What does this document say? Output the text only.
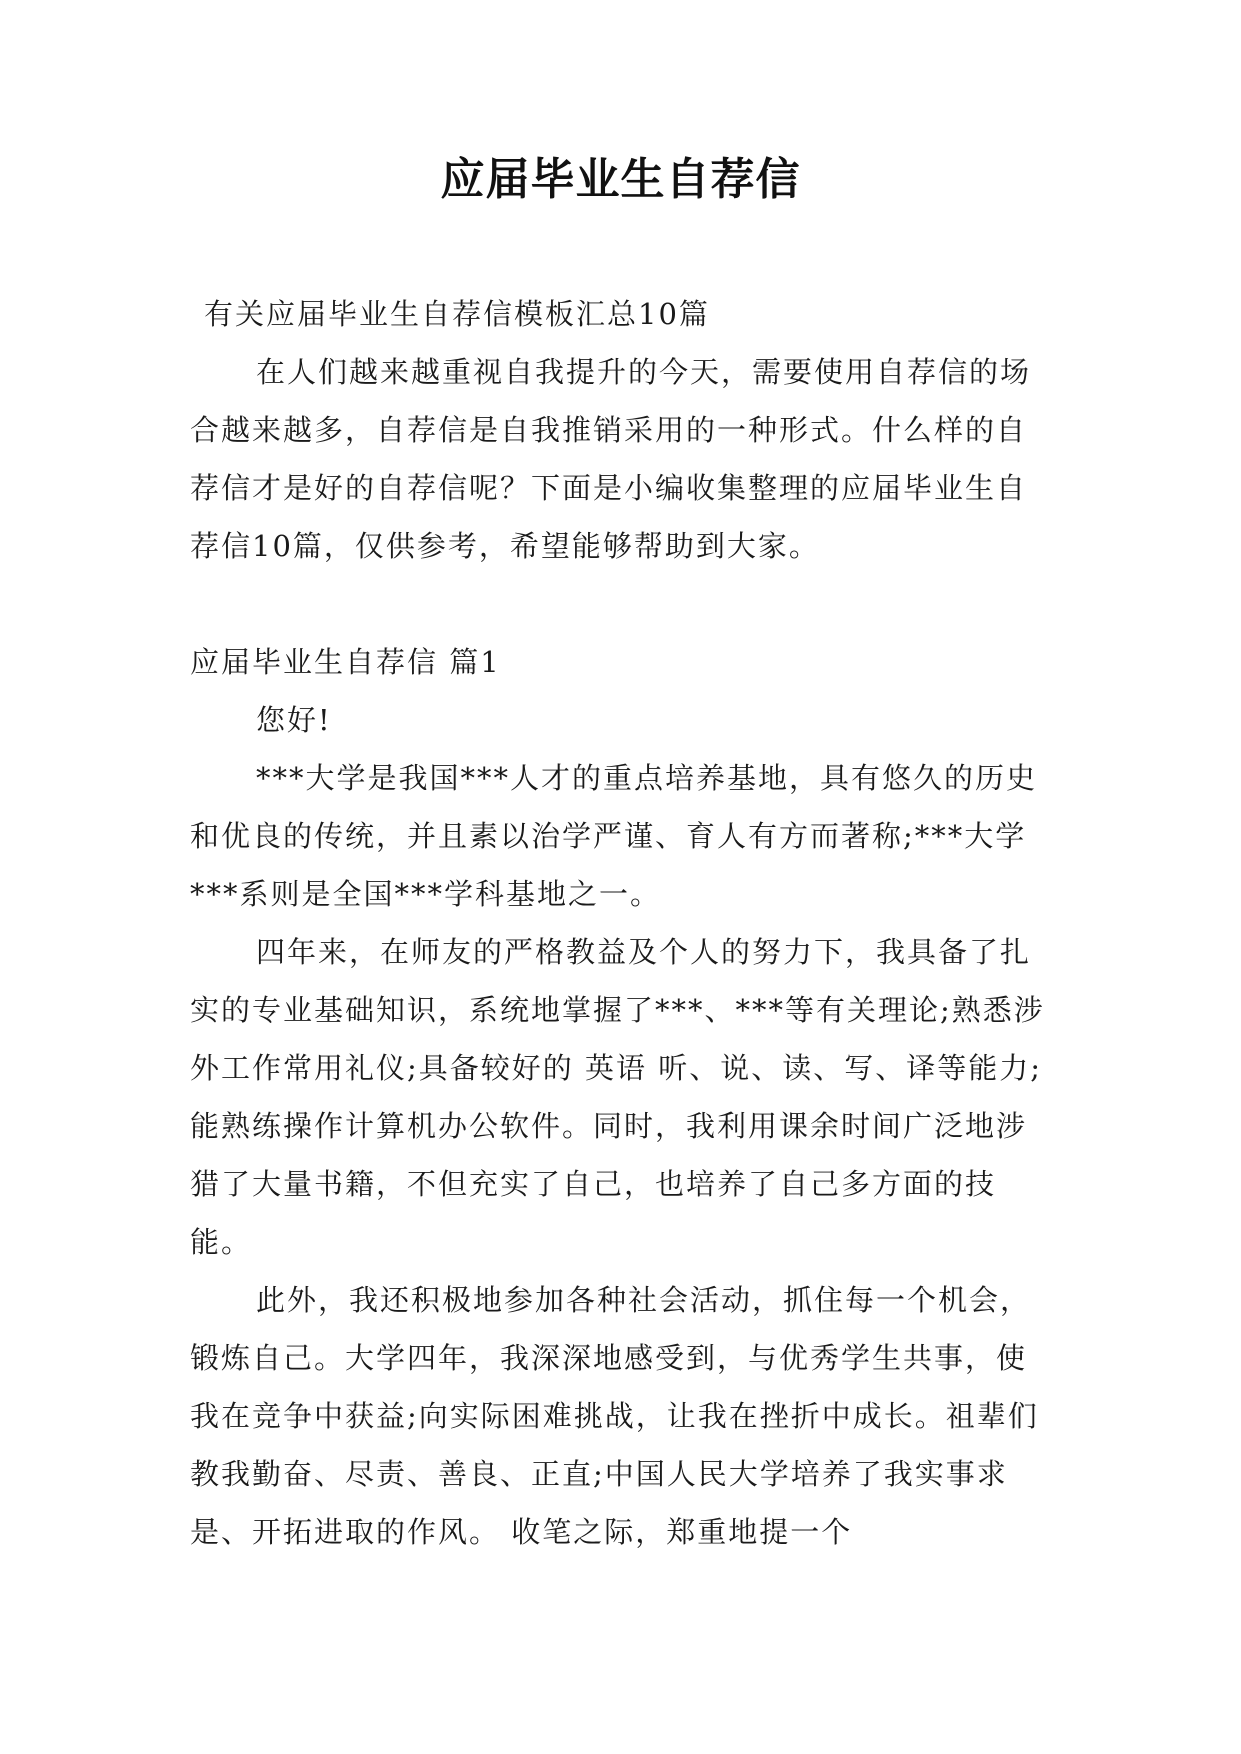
应届毕业生自荐信

有关应届毕业生自荐信模板汇总10篇

在人们越来越重视自我提升的今天，需要使用自荐信的场合越来越多，自荐信是自我推销采用的一种形式。什么样的自荐信才是好的自荐信呢？下面是小编收集整理的应届毕业生自荐信10篇，仅供参考，希望能够帮助到大家。

应届毕业生自荐信 篇1

您好!

***大学是我国***人才的重点培养基地，具有悠久的历史和优良的传统，并且素以治学严谨、育人有方而著称;***大学***系则是全国***学科基地之一。

四年来，在师友的严格教益及个人的努力下，我具备了扎实的专业基础知识，系统地掌握了***、***等有关理论;熟悉涉外工作常用礼仪;具备较好的 英语 听、说、读、写、译等能力;能熟练操作计算机办公软件。同时，我利用课余时间广泛地涉猎了大量书籍，不但充实了自己，也培养了自己多方面的技能。

此外，我还积极地参加各种社会活动，抓住每一个机会，锻炼自己。大学四年，我深深地感受到，与优秀学生共事，使我在竞争中获益;向实际困难挑战，让我在挫折中成长。祖辈们教我勤奋、尽责、善良、正直;中国人民大学培养了我实事求是、开拓进取的作风。 收笔之际，郑重地提一个
